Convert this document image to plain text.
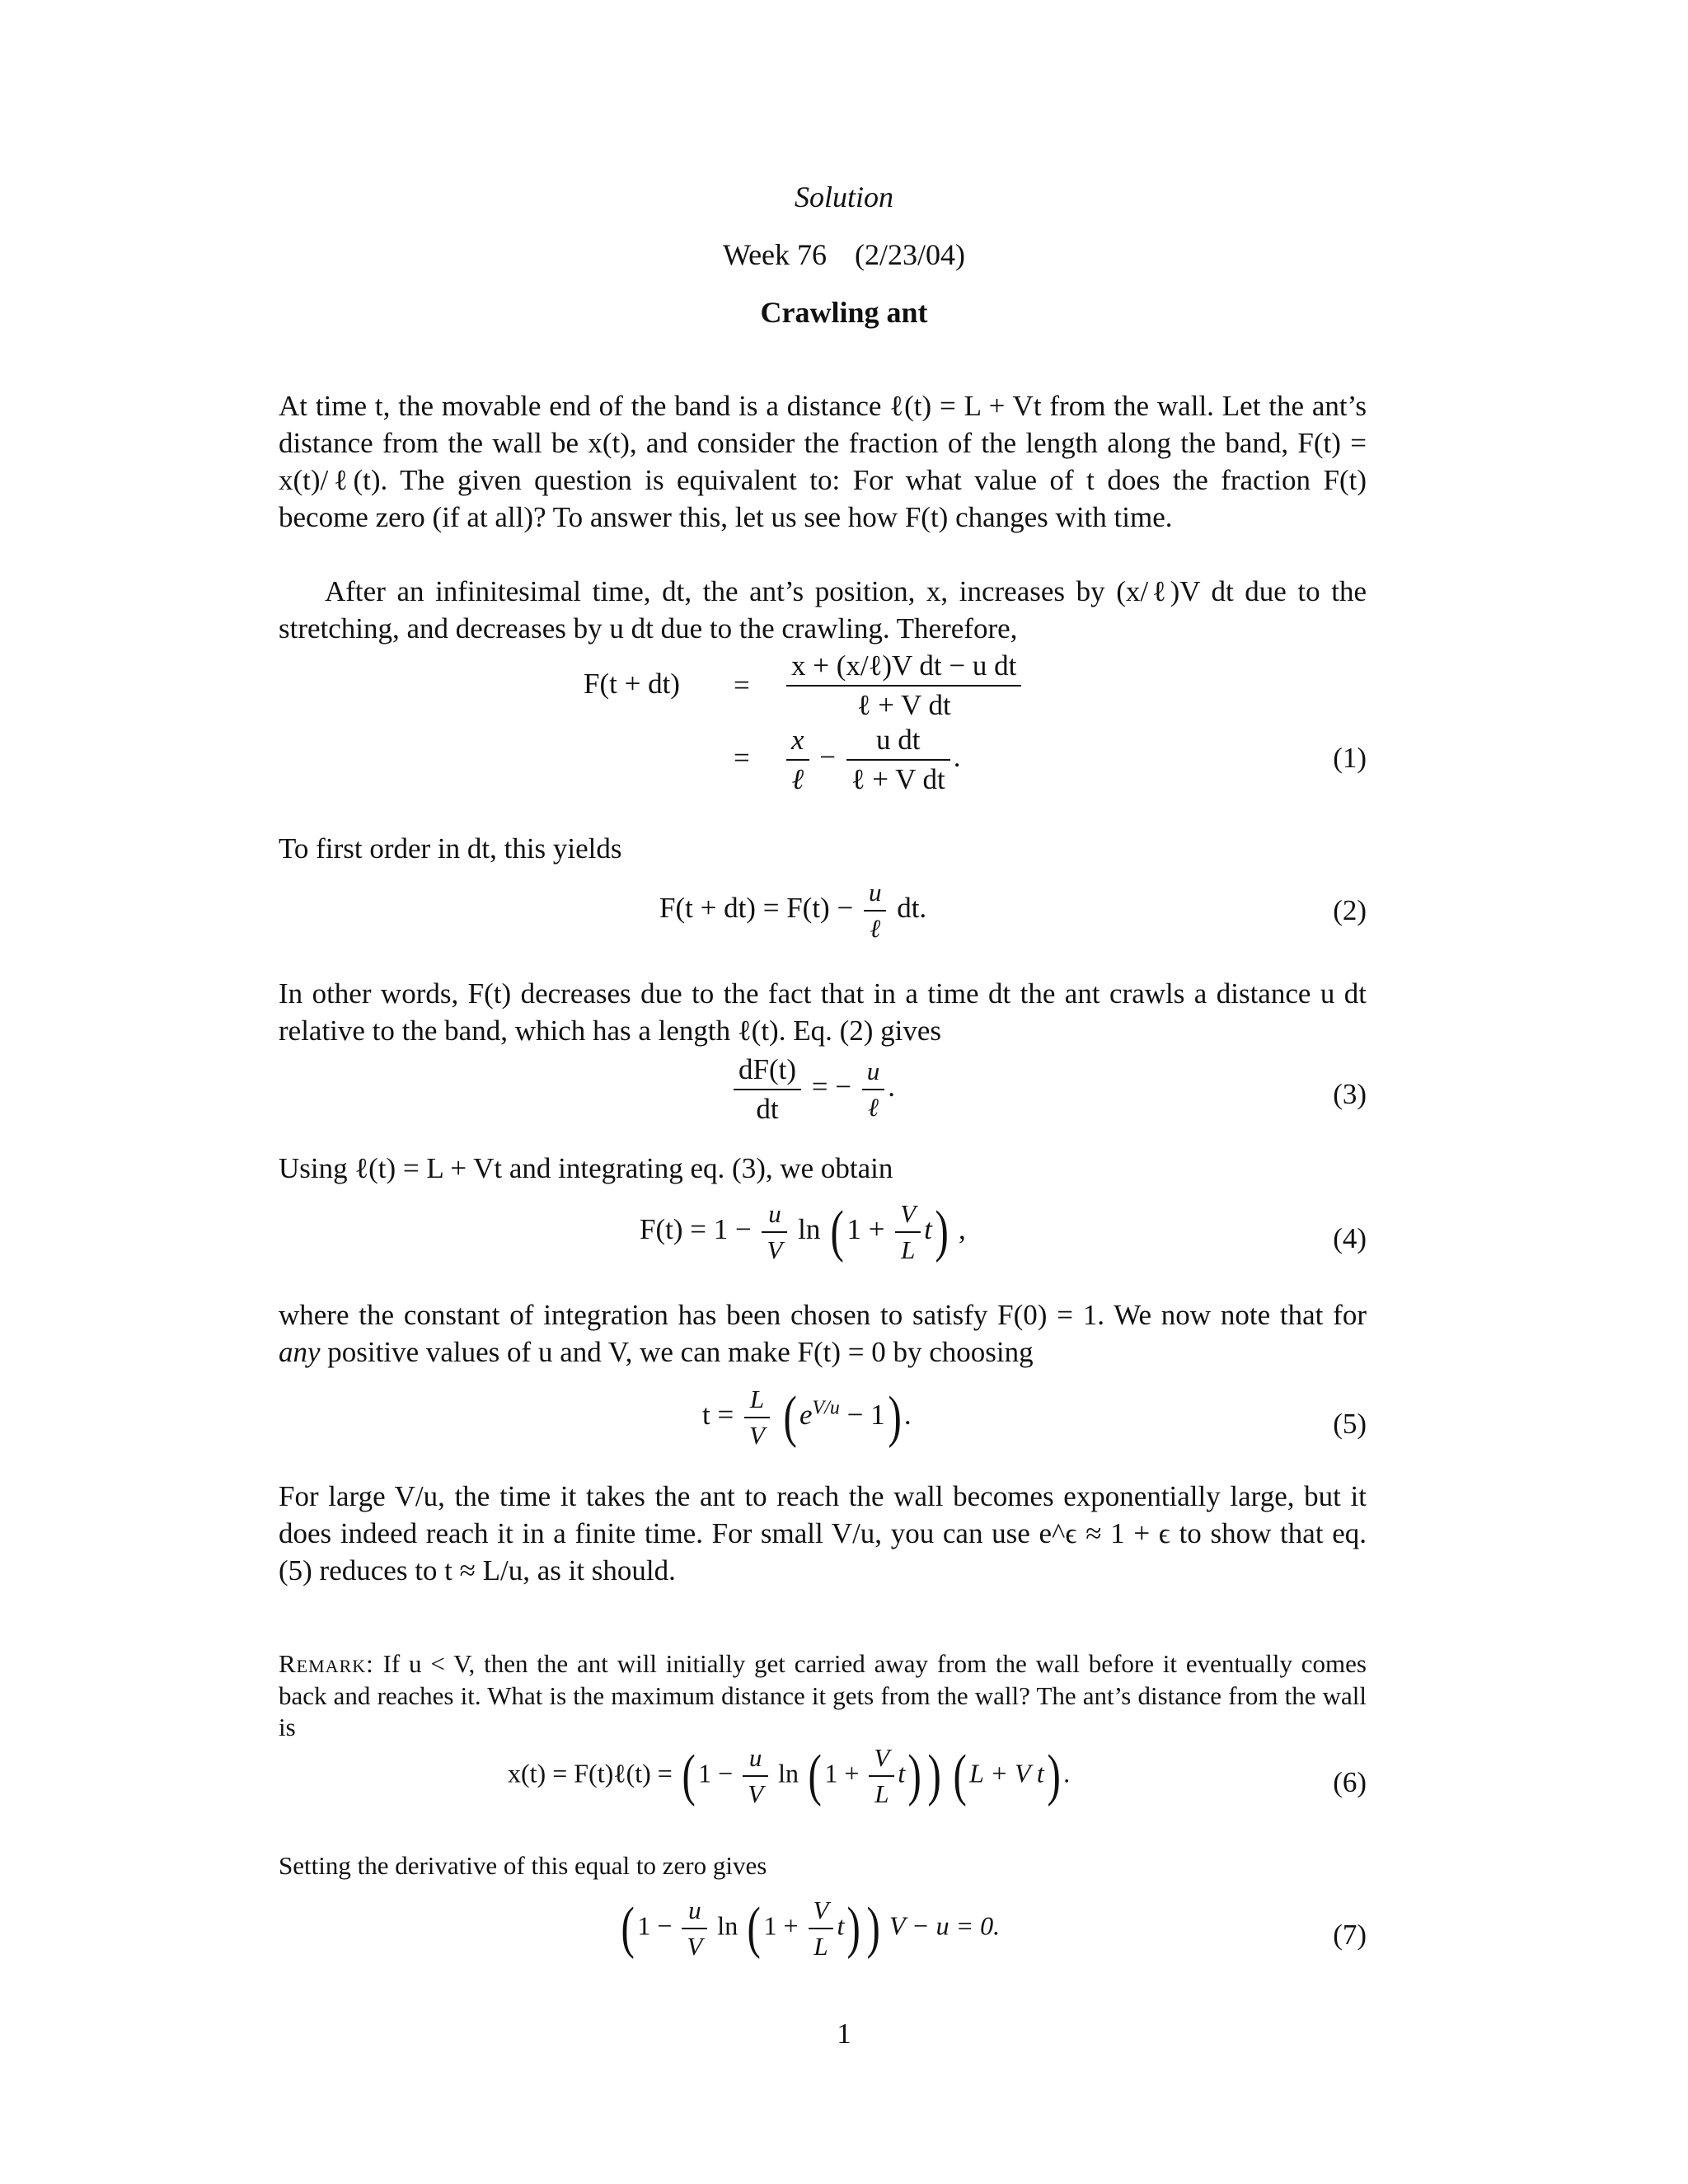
Solution
Week 76 (2/23/04)
Crawling ant
At time t, the movable end of the band is a distance ℓ(t) = L + Vt from the wall. Let the ant’s distance from the wall be x(t), and consider the fraction of the length along the band, F(t) = x(t)/ℓ(t). The given question is equivalent to: For what value of t does the fraction F(t) become zero (if at all)? To answer this, let us see how F(t) changes with time.
After an infinitesimal time, dt, the ant’s position, x, increases by (x/ℓ)V dt due to the stretching, and decreases by u dt due to the crawling. Therefore,
$F(t + dt) = \frac{\text{x + (x/ℓ)V dt − u dt}}{\text{ℓ + V dt}}$
= $\frac{x}{\text{ℓ}} - \frac{\text{u dt}}{\text{ℓ + V dt}}$ .	(1)
To first order in dt, this yields
$F(t + dt) = F(t) - \frac{u}{\text{ℓ}}$ dt.	(2)
In other words, F(t) decreases due to the fact that in a time dt the ant crawls a distance u dt relative to the band, which has a length ℓ(t). Eq. (2) gives
$\frac{dF(t)}{dt}$ = − $\frac{u}{\text{ℓ}}$ .	(3)
Using ℓ(t) = L + Vt and integrating eq. (3), we obtain
$F(t) = 1 - \frac{u}{V}$ $\ln (1 + \frac{V}{L} t)$ ,	(4)
where the constant of integration has been chosen to satisfy F(0) = 1. We now note that for any positive values of u and V, we can make F(t) = 0 by choosing
$t = \frac{L}{V} (e^{V/u} - 1)$.	(5)
For large V/u, the time it takes the ant to reach the wall becomes exponentially large, but it does indeed reach it in a finite time. For small V/u, you can use e^ϵ ≈ 1 + ϵ to show that eq. (5) reduces to t ≈ L/u, as it should.
Remark: If u < V, then the ant will initially get carried away from the wall before it eventually comes back and reaches it. What is the maximum distance it gets from the wall? The ant’s distance from the wall is
x(t) = F(t)ℓ(t) = ( $1 - \frac{u}{V}$ ln ( $1 + \frac{V}{L} t$)) ( L + V t) .	(6)
Setting the derivative of this equal to zero gives
( $1 - \frac{u}{V}$ ln ( $1 + \frac{V}{L} t$)) V − u = 0.	(7)
1
